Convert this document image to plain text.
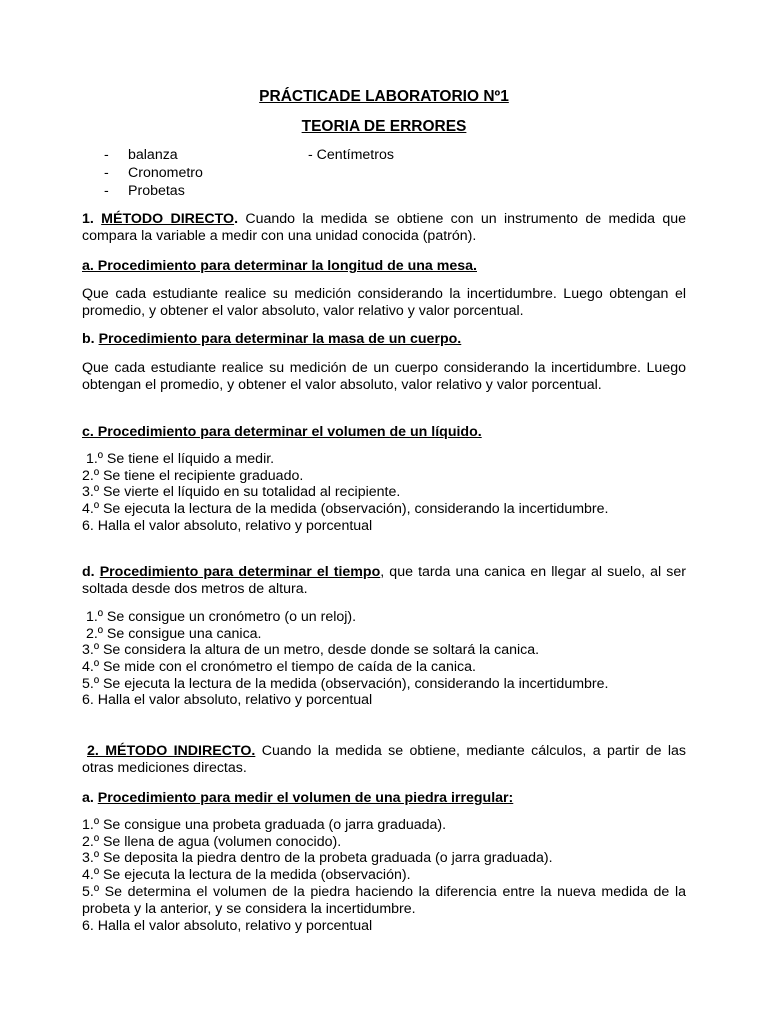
PRÁCTICADE LABORATORIO Nº1
TEORIA DE ERRORES
- balanza	- Centímetros
- Cronometro
- Probetas
1. MÉTODO DIRECTO. Cuando la medida se obtiene con un instrumento de medida que compara la variable a medir con una unidad conocida (patrón).
a. Procedimiento para determinar la longitud de una mesa.
Que cada estudiante realice su medición considerando la incertidumbre. Luego obtengan el promedio, y obtener el valor absoluto, valor relativo y valor porcentual.
b. Procedimiento para determinar la masa de un cuerpo.
Que cada estudiante realice su medición de un cuerpo considerando la incertidumbre. Luego obtengan el promedio, y obtener el valor absoluto, valor relativo y valor porcentual.
c. Procedimiento para determinar el volumen de un líquido.
1.º Se tiene el líquido a medir.
2.º Se tiene el recipiente graduado.
3.º Se vierte el líquido en su totalidad al recipiente.
4.º Se ejecuta la lectura de la medida (observación), considerando la incertidumbre.
6. Halla el valor absoluto, relativo y porcentual
d. Procedimiento para determinar el tiempo, que tarda una canica en llegar al suelo, al ser soltada desde dos metros de altura.
1.º Se consigue un cronómetro (o un reloj).
2.º Se consigue una canica.
3.º Se considera la altura de un metro, desde donde se soltará la canica.
4.º Se mide con el cronómetro el tiempo de caída de la canica.
5.º Se ejecuta la lectura de la medida (observación), considerando la incertidumbre.
6. Halla el valor absoluto, relativo y porcentual
2. MÉTODO INDIRECTO. Cuando la medida se obtiene, mediante cálculos, a partir de las otras mediciones directas.
a. Procedimiento para medir el volumen de una piedra irregular:
1.º Se consigue una probeta graduada (o jarra graduada).
2.º Se llena de agua (volumen conocido).
3.º Se deposita la piedra dentro de la probeta graduada (o jarra graduada).
4.º Se ejecuta la lectura de la medida (observación).
5.º Se determina el volumen de la piedra haciendo la diferencia entre la nueva medida de la probeta y la anterior, y se considera la incertidumbre.
6. Halla el valor absoluto, relativo y porcentual
